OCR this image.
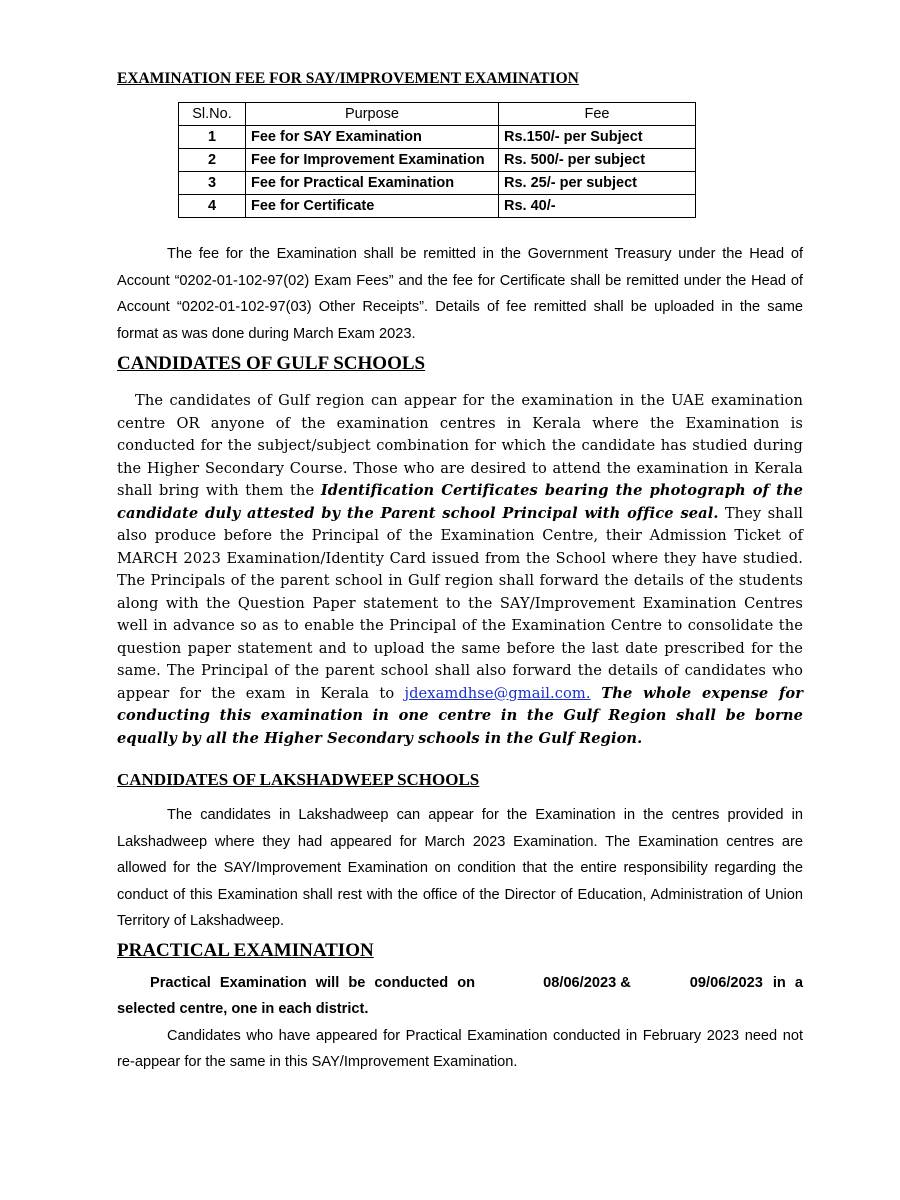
EXAMINATION FEE FOR SAY/IMPROVEMENT EXAMINATION
Sl.No.	Purpose	Fee
1	Fee for SAY Examination	Rs.150/- per Subject
2	Fee for Improvement Examination	Rs. 500/- per subject
3	Fee for Practical Examination	Rs. 25/- per subject
4	Fee for Certificate	Rs. 40/-

The fee for the Examination shall be remitted in the Government Treasury under the Head of Account “0202-01-102-97(02) Exam Fees” and the fee for Certificate shall be remitted under the Head of Account “0202-01-102-97(03) Other Receipts”. Details of fee remitted shall be uploaded in the same format as was done during March Exam 2023.

CANDIDATES OF GULF SCHOOLS

The candidates of Gulf region can appear for the examination in the UAE examination centre OR anyone of the examination centres in Kerala where the Examination is conducted for the subject/subject combination for which the candidate has studied during the Higher Secondary Course. Those who are desired to attend the examination in Kerala shall bring with them the Identification Certificates bearing the photograph of the candidate duly attested by the Parent school Principal with office seal. They shall also produce before the Principal of the Examination Centre, their Admission Ticket of MARCH 2023 Examination/Identity Card issued from the School where they have studied. The Principals of the parent school in Gulf region shall forward the details of the students along with the Question Paper statement to the SAY/Improvement Examination Centres well in advance so as to enable the Principal of the Examination Centre to consolidate the question paper statement and to upload the same before the last date prescribed for the same. The Principal of the parent school shall also forward the details of candidates who appear for the exam in Kerala to jdexamdhse@gmail.com. The whole expense for conducting this examination in one centre in the Gulf Region shall be borne equally by all the Higher Secondary schools in the Gulf Region.

CANDIDATES OF LAKSHADWEEP SCHOOLS

The candidates in Lakshadweep can appear for the Examination in the centres provided in Lakshadweep where they had appeared for March 2023 Examination. The Examination centres are allowed for the SAY/Improvement Examination on condition that the entire responsibility regarding the conduct of this Examination shall rest with the office of the Director of Education, Administration of Union Territory of Lakshadweep.

PRACTICAL EXAMINATION

Practical Examination will be conducted on	08/06/2023 &	09/06/2023 in a selected centre, one in each district.

Candidates who have appeared for Practical Examination conducted in February 2023 need not re-appear for the same in this SAY/Improvement Examination.
